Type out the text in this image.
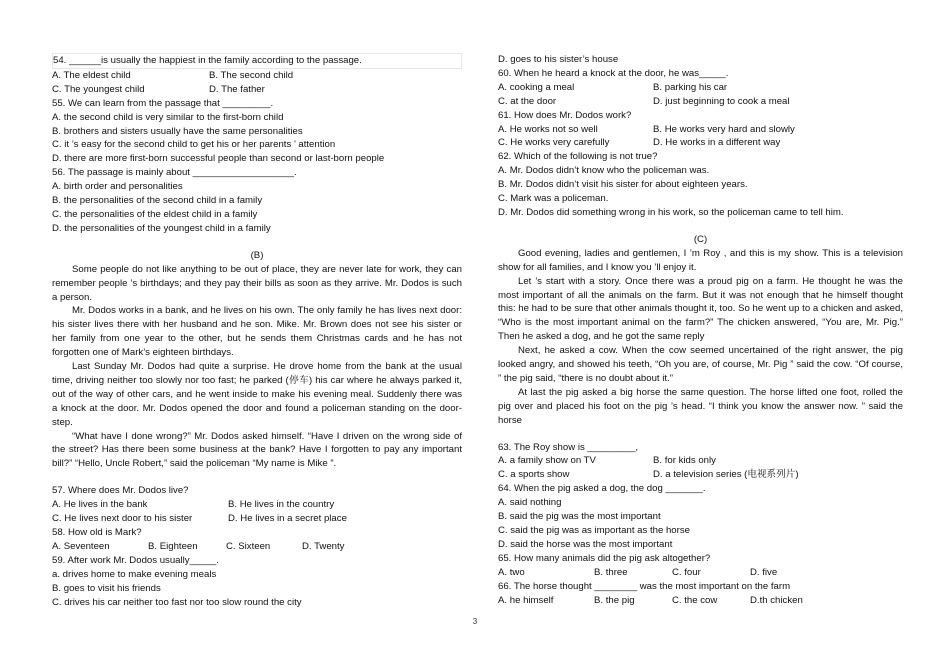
54. ______is usually the happiest in the family according to the passage.
A. The eldest child	B. The second child
C. The youngest child	D. The father
55. We can learn from the passage that _________.
A. the second child is very similar to the first-born child
B. brothers and sisters usually have the same personalities
C. it ’s easy for the second child to get his or her parents ’ attention
D. there are more first-born successful people than second or last-born people
56. The passage is mainly about ___________________.
A. birth order and personalities
B. the personalities of the second child in a family
C. the personalities of the eldest child in a family
D. the personalities of the youngest child in a family
(B)
Some people do not like anything to be out of place, they are never late for work, they can remember people ’s birthdays; and they pay their bills as soon as they arrive. Mr. Dodos is such a person.
Mr. Dodos works in a bank, and he lives on his own. The only family he has lives next door: his sister lives there with her husband and he son. Mike. Mr. Brown does not see his sister or her family from one year to the other, but he sends them Christmas cards and he has not forgotten one of Mark’s eighteen birthdays.
Last Sunday Mr. Dodos had quite a surprise. He drove home from the bank at the usual time, driving neither too slowly nor too fast; he parked (停车) his car where he always parked it, out of the way of other cars, and he went inside to make his evening meal. Suddenly there was a knock at the door. Mr. Dodos opened the door and found a policeman standing on the door-step.
“What have I done wrong?” Mr. Dodos asked himself. “Have I driven on the wrong side of the street? Has there been some business at the bank? Have I forgotten to pay any important bill?” “Hello, Uncle Robert,” said the policeman “My name is Mike ”.
57. Where does Mr. Dodos live?
A. He lives in the bank	B. He lives in the country
C. He lives next door to his sister	D. He lives in a secret place
58. How old is Mark?
A. Seventeen	B. Eighteen	C. Sixteen	D. Twenty
59. After work Mr. Dodos usually_____.
a. drives home to make evening meals
B. goes to visit his friends
C. drives his car neither too fast nor too slow round the city
D. goes to his sister’s house
60. When he heard a knock at the door, he was_____.
A. cooking a meal	B. parking his car
C. at the door	D. just beginning to cook a meal
61. How does Mr. Dodos work?
A. He works not so well	B. He works very hard and slowly
C. He works very carefully	D. He works in a different way
62. Which of the following is not true?
A. Mr. Dodos didn’t know who the policeman was.
B. Mr. Dodos didn’t visit his sister for about eighteen years.
C. Mark was a policeman.
D. Mr. Dodos did something wrong in his work, so the policeman came to tell him.
(C)
Good evening, ladies and gentlemen, I ’m Roy , and this is my show. This is a television show for all families, and I know you ’ll enjoy it.
Let ’s start with a story. Once there was a proud pig on a farm. He thought he was the most important of all the animals on the farm. But it was not enough that he himself thought this: he had to be sure that other animals thought it, too. So he went up to a chicken and asked, “Who is the most important animal on the farm?” The chicken answered, “You are, Mr. Pig.” Then he asked a dog, and he got the same reply
Next, he asked a cow. When the cow seemed uncertained of the right answer, the pig looked angry, and showed his teeth, “Oh you are, of course, Mr. Pig ” said the cow. “Of course, ” the pig said, “there is no doubt about it.”
At last the pig asked a big horse the same question. The horse lifted one foot, rolled the pig over and placed his foot on the pig ’s head. “I think you know the answer now. ” said the horse
63. The Roy show is _________,
A. a family show on TV	B. for kids only
C. a sports show	D. a television series (电视系列片)
64. When the pig asked a dog, the dog _______.
A. said nothing
B. said the pig was the most important
C. said the pig was as important as the horse
D. said the horse was the most important
65. How many animals did the pig ask altogether?
A. two	B. three	C. four	D. five
66. The horse thought ________ was the most important on the farm
A. he himself	B. the pig	C. the cow	D.th chicken
3
